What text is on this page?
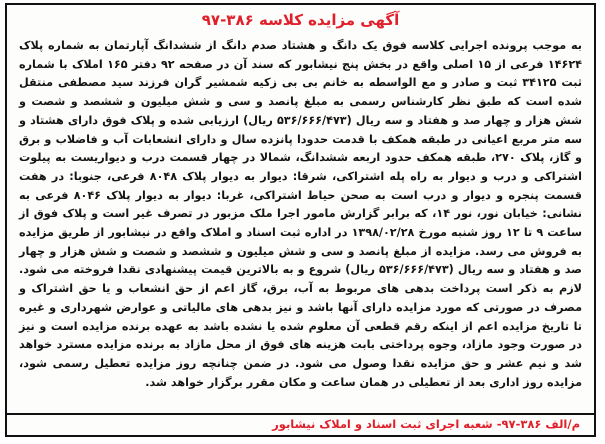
آگهی مزایده کلاسه ۳۸۶-۹۷

به موجب پرونده اجرایی کلاسه فوق یک دانگ و هشتاد صدم دانگ از ششدانگ آپارتمان به شماره پلاک ۱۴۶۲۴ فرعی از ۱۵ اصلی واقع در بخش پنج نیشابور که سند آن در صفحه ۹۲ دفتر ۱۶۵ املاک با شماره ثبت ۳۴۱۲۵ ثبت و صادر و مع الواسطه به خانم بی بی زکیه شمشیر گران فرزند سید مصطفی منتقل شده است که طبق نظر کارشناس رسمی به مبلغ پانصد و سی و شش میلیون و ششصد و شصت و شش هزار و چهار صد و هفتاد و سه ریال (۵۳۶/۶۶۶/۴۷۳ ریال) ارزیابی شده و پلاک فوق دارای هشتاد و سه متر مربع اعیانی در طبقه همکف با قدمت حدودا پانزده سال و دارای انشعابات آب و فاضلاب و برق و گاز، پلاک ۲۷۰، طبقه همکف حدود اربعه ششدانگ، شمالا در چهار قسمت درب و دیواریست به پیلوت اشتراکی و درب و دیوار به راه پله اشتراکی، شرقا: دیوار به دیوار پلاک ۸۰۴۸ فرعی، جنوبا: در هفت قسمت پنجره و دیوار و درب است به صحن حیاط اشتراکی، غربا: دیوار به دیوار پلاک ۸۰۴۶ فرعی به نشانی: خیابان نور، نور ۱۴، که برابر گزارش مامور اجرا ملک مزبور در تصرف غیر است و پلاک فوق از ساعت ۹ تا ۱۲ روز شنبه مورخ ۱۳۹۸/۰۲/۲۸ در اداره ثبت اسناد و املاک واقع در نیشابور از طریق مزایده به فروش می رسد. مزایده از مبلغ پانصد و سی و شش میلیون و ششصد و شصت و شش هزار و چهار صد و هفتاد و سه ریال (۵۳۶/۶۶۶/۴۷۳ ریال) شروع و به بالاترین قیمت پیشنهادی نقدا فروخته می شود. لازم به ذکر است پرداخت بدهی های مربوط به آب، برق، گاز اعم از حق انشعاب و یا حق اشتراک و مصرف در صورتی که مورد مزایده دارای آنها باشد و نیز بدهی های مالیاتی و عوارض شهرداری و غیره تا تاریخ مزایده اعم از اینکه رقم قطعی آن معلوم شده یا نشده باشد به عهده برنده مزایده است و نیز در صورت وجود مازاد، وجوه پرداختی بابت هزینه های فوق از محل مازاد به برنده مزایده مسترد خواهد شد و نیم عشر و حق مزایده نقدا وصول می شود. در ضمن چنانچه روز مزایده تعطیل رسمی شود، مزایده روز اداری بعد از تعطیلی در همان ساعت و مکان مقرر برگزار خواهد شد.

م/الف ۳۸۶-۹۷- شعبه اجرای ثبت اسناد و املاک نیشابور
